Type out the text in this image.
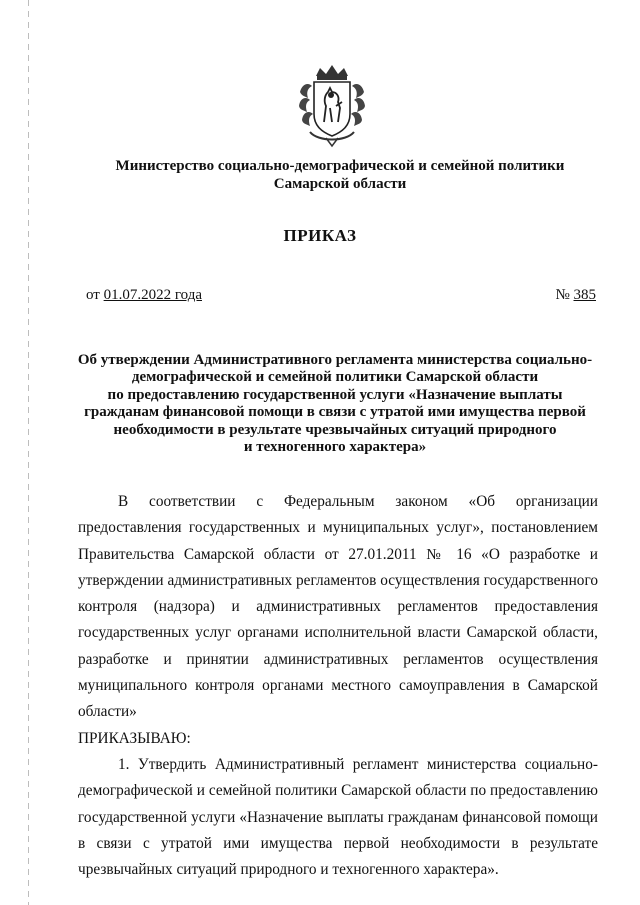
Министерство социально-демографической и семейной политики
Самарской области
ПРИКАЗ
от 01.07.2022 года	№ 385
Об утверждении Административного регламента министерства социально-
демографической и семейной политики Самарской области
по предоставлению государственной услуги «Назначение выплаты
гражданам финансовой помощи в связи с утратой ими имущества первой
необходимости в результате чрезвычайных ситуаций природного
и техногенного характера»

В соответствии с Федеральным законом «Об организации предоставления государственных и муниципальных услуг», постановлением Правительства Самарской области от 27.01.2011 № 16 «О разработке и утверждении административных регламентов осуществления государственного контроля (надзора) и административных регламентов предоставления государственных услуг органами исполнительной власти Самарской области, разработке и принятии административных регламентов осуществления муниципального контроля органами местного самоуправления в Самарской области»

ПРИКАЗЫВАЮ:

1. Утвердить Административный регламент министерства социально-демографической и семейной политики Самарской области по предоставлению государственной услуги «Назначение выплаты гражданам финансовой помощи в связи с утратой ими имущества первой необходимости в результате чрезвычайных ситуаций природного и техногенного характера».
